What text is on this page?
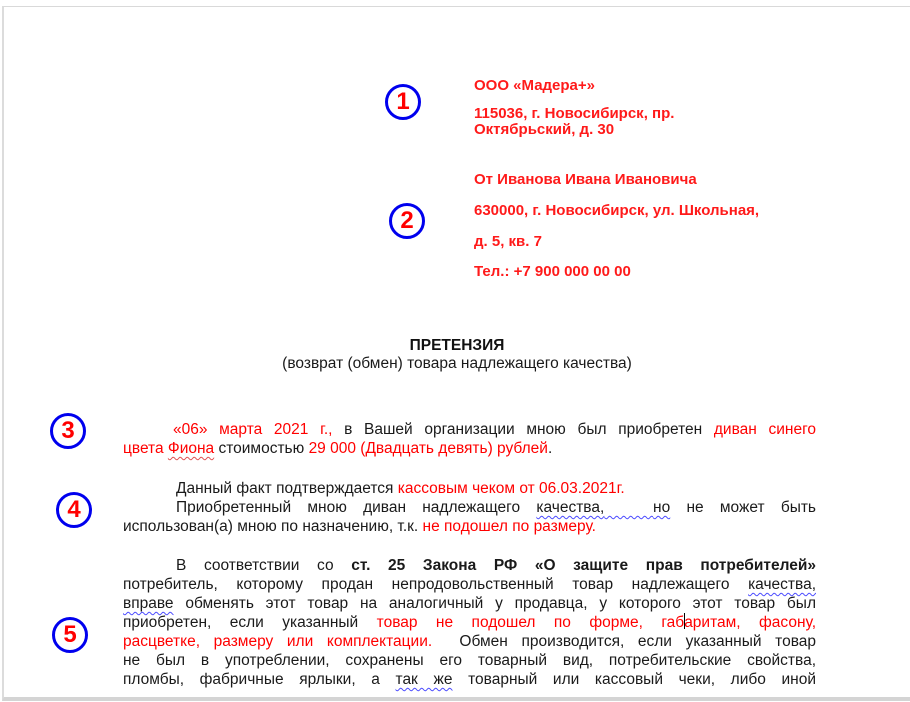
1
2
3
4
5
ООО «Мадера+»
115036, г. Новосибирск, пр.
Октябрьский, д. 30
От Иванова Ивана Ивановича
630000, г. Новосибирск, ул. Школьная,
д. 5, кв. 7
Тел.: +7 900 000 00 00
ПРЕТЕНЗИЯ
(возврат (обмен) товара надлежащего качества)
«06» марта 2021 г., в Вашей организации мною был приобретен диван синего
цвета Фиона стоимостью 29 000 (Двадцать девять) рублей.
Данный факт подтверждается кассовым чеком от 06.03.2021г.
Приобретенный мною диван надлежащего качества,	но не может быть
использован(а) мною по назначению, т.к. не подошел по размеру.
В соответствии со ст. 25 Закона РФ «О защите прав потребителей»
потребитель, которому продан непродовольственный товар надлежащего качества,
вправе обменять этот товар на аналогичный у продавца, у которого этот товар был
приобретен, если указанный товар не подошел по форме, габаритам, фасону,
расцветке, размеру или комплектации.  Обмен производится, если указанный товар
не был в употреблении, сохранены его товарный вид, потребительские свойства,
пломбы, фабричные ярлыки, а так же товарный или кассовый чеки, либо иной
